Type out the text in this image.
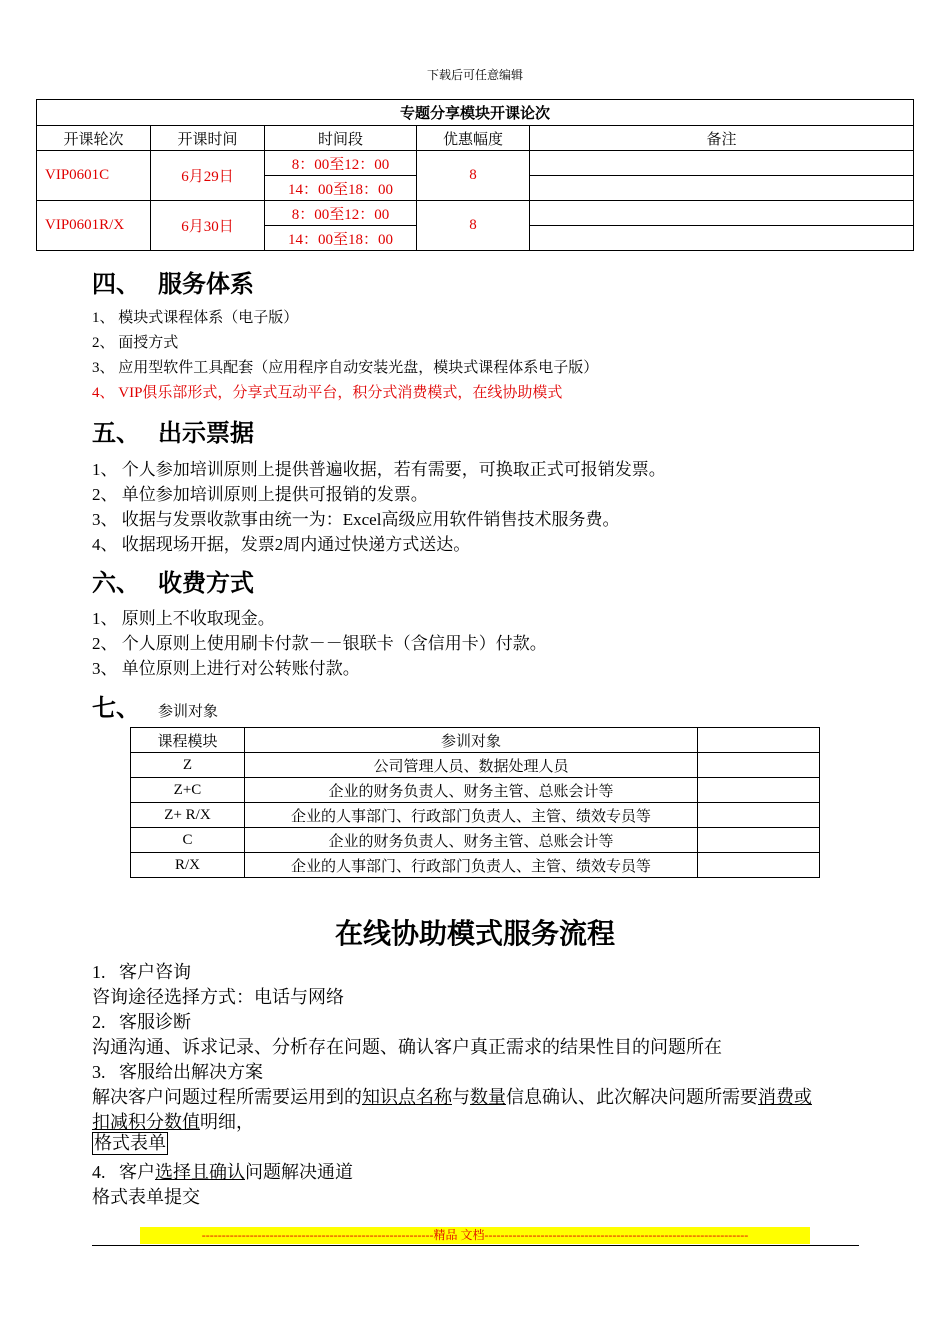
下载后可任意编辑
专题分享模块开课论次				
开课轮次	开课时间	时间段	优惠幅度	备注
VIP0601C	6月29日	8：00至12：00	8	
		14：00至18：00		
VIP0601R/X	6月30日	8：00至12：00	8	
		14：00至18：00		
四、 服务体系
1、 模块式课程体系（电子版）
2、 面授方式
3、 应用型软件工具配套（应用程序自动安装光盘，模块式课程体系电子版）
4、 VIP俱乐部形式，分享式互动平台，积分式消费模式，在线协助模式
五、 出示票据
1、 个人参加培训原则上提供普遍收据，若有需要，可换取正式可报销发票。
2、 单位参加培训原则上提供可报销的发票。
3、 收据与发票收款事由统一为：Excel高级应用软件销售技术服务费。
4、 收据现场开据，发票2周内通过快递方式送达。
六、 收费方式
1、 原则上不收取现金。
2、 个人原则上使用刷卡付款－－银联卡（含信用卡）付款。
3、 单位原则上进行对公转账付款。
七、 参训对象
课程模块	参训对象	
Z	公司管理人员、数据处理人员	
Z+C	企业的财务负责人、财务主管、总账会计等	
Z+ R/X	企业的人事部门、行政部门负责人、主管、绩效专员等	
C	企业的财务负责人、财务主管、总账会计等	
R/X	企业的人事部门、行政部门负责人、主管、绩效专员等	
在线协助模式服务流程
1.   客户咨询
咨询途径选择方式：电话与网络
2.   客服诊断
沟通沟通、诉求记录、分析存在问题、确认客户真正需求的结果性目的问题所在
3.   客服给出解决方案
解决客户问题过程所需要运用到的知识点名称与数量信息确认、此次解决问题所需要消费或
扣减积分数值明细，
格式表单
4.   客户选择且确认问题解决通道
格式表单提交
----------------------------------------------------------精品 文档------------------------------------------------------------------
